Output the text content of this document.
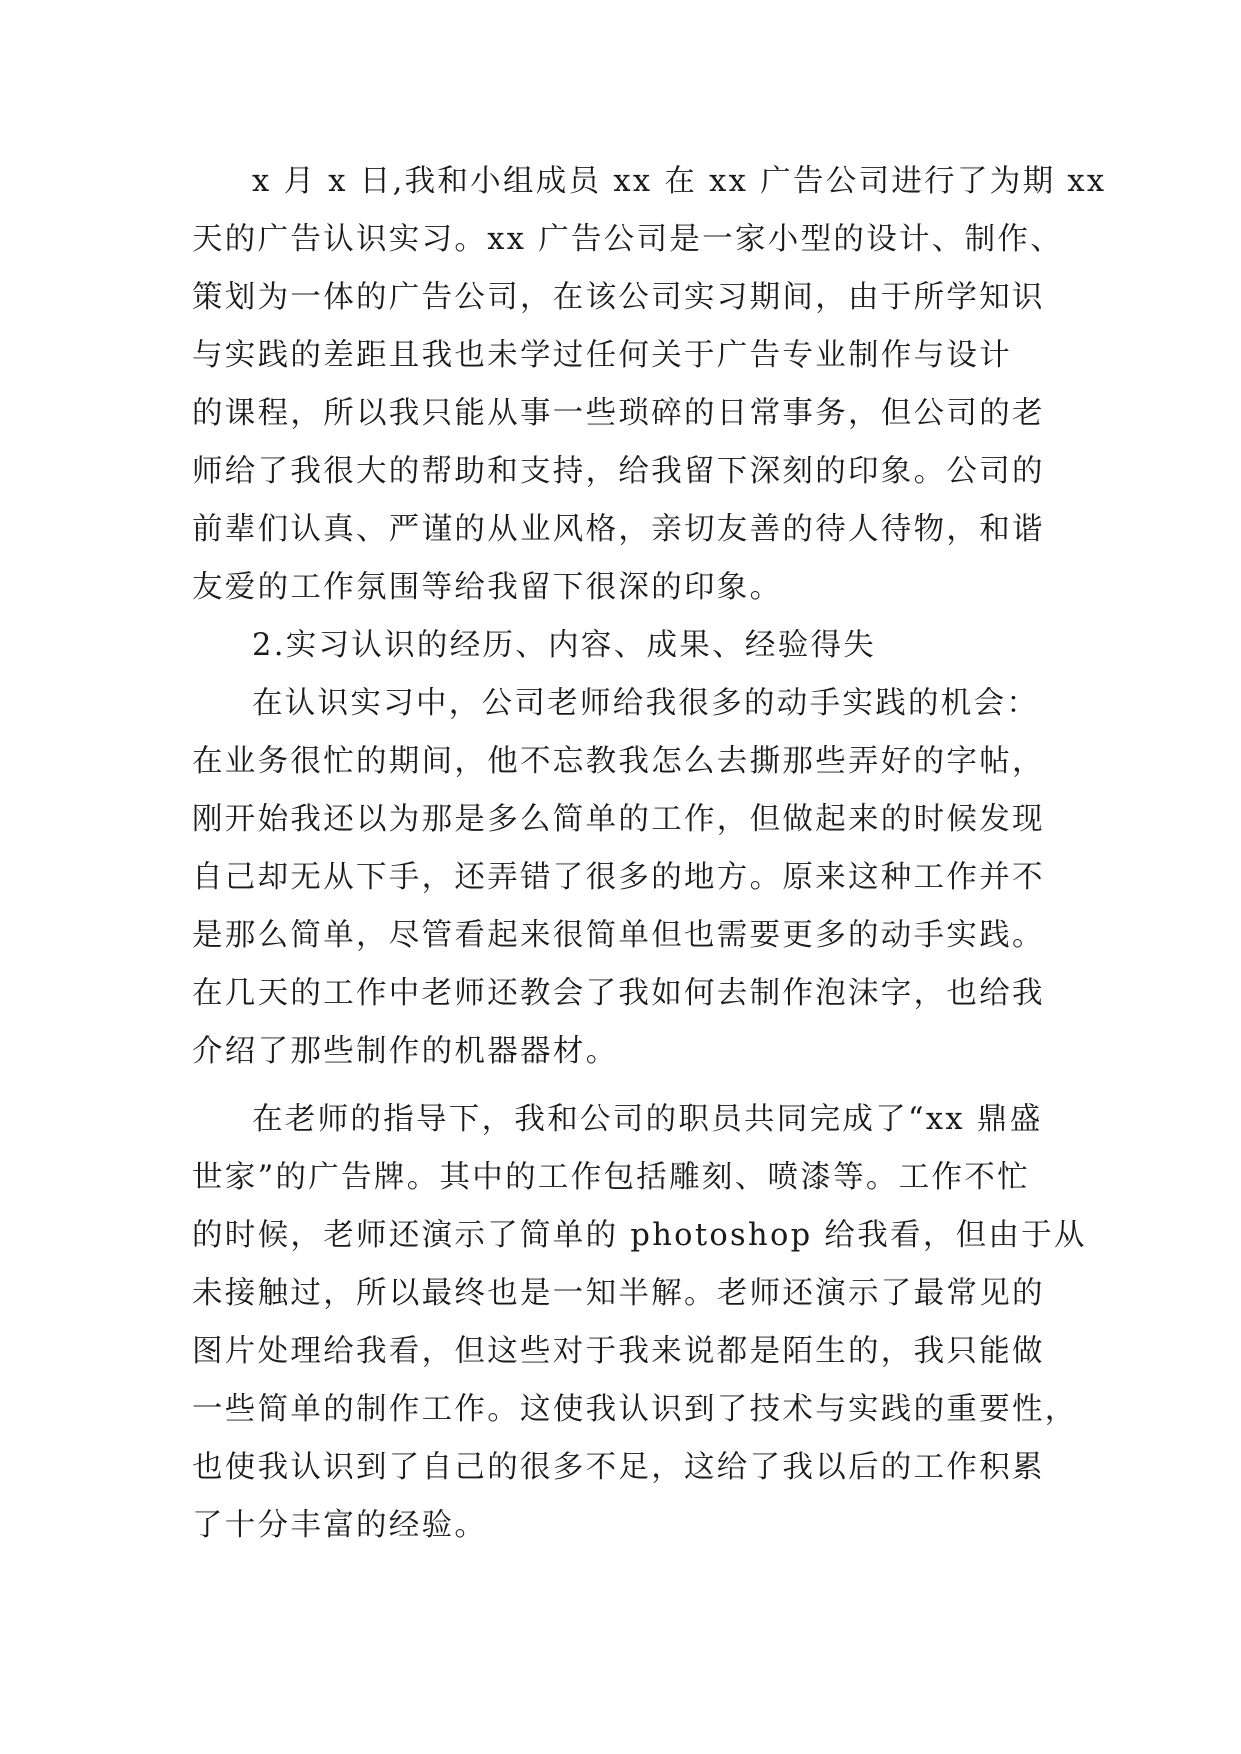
x 月 x 日,我和小组成员 xx 在 xx 广告公司进行了为期 xx
天的广告认识实习。xx 广告公司是一家小型的设计、制作、
策划为一体的广告公司，在该公司实习期间，由于所学知识
与实践的差距且我也未学过任何关于广告专业制作与设计
的课程，所以我只能从事一些琐碎的日常事务，但公司的老
师给了我很大的帮助和支持，给我留下深刻的印象。公司的
前辈们认真、严谨的从业风格，亲切友善的待人待物，和谐
友爱的工作氛围等给我留下很深的印象。
2.实习认识的经历、内容、成果、经验得失
在认识实习中，公司老师给我很多的动手实践的机会：
在业务很忙的期间，他不忘教我怎么去撕那些弄好的字帖，
刚开始我还以为那是多么简单的工作，但做起来的时候发现
自己却无从下手，还弄错了很多的地方。原来这种工作并不
是那么简单，尽管看起来很简单但也需要更多的动手实践。
在几天的工作中老师还教会了我如何去制作泡沫字，也给我
介绍了那些制作的机器器材。
在老师的指导下，我和公司的职员共同完成了“xx 鼎盛
世家”的广告牌。其中的工作包括雕刻、喷漆等。工作不忙
的时候，老师还演示了简单的 photoshop 给我看，但由于从
未接触过，所以最终也是一知半解。老师还演示了最常见的
图片处理给我看，但这些对于我来说都是陌生的，我只能做
一些简单的制作工作。这使我认识到了技术与实践的重要性，
也使我认识到了自己的很多不足，这给了我以后的工作积累
了十分丰富的经验。
